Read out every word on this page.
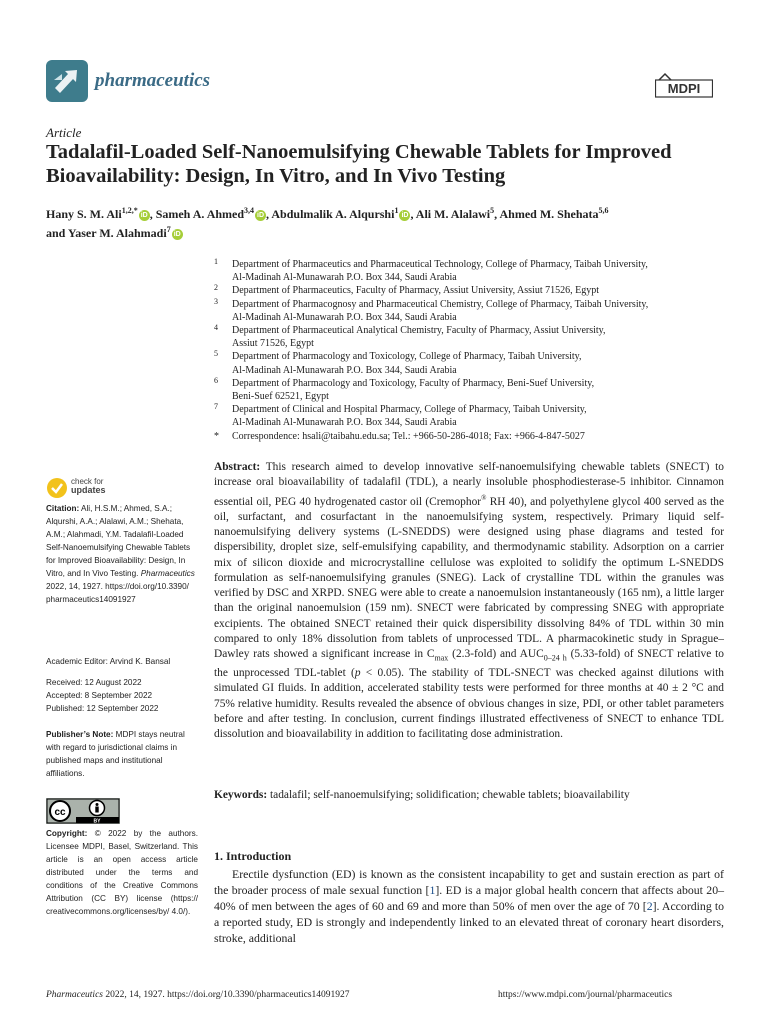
pharmaceutics	MDPI
Article
Tadalafil-Loaded Self-Nanoemulsifying Chewable Tablets for Improved Bioavailability: Design, In Vitro, and In Vivo Testing
Hany S. M. Ali$^{1,2,*}$iD , Sameh A. Ahmed$^{3,4}$iD , Abdulmalik A. Alqurshi$^1$iD , Ali M. Alalawi$^5$, Ahmed M. Shehata$^{5,6}$
and Yaser M. Alahmadi$^7$iD
1 Department of Pharmaceutics and Pharmaceutical Technology, College of Pharmacy, Taibah University,
Al-Madinah Al-Munawarah P.O. Box 344, Saudi Arabia
2 Department of Pharmaceutics, Faculty of Pharmacy, Assiut University, Assiut 71526, Egypt
3 Department of Pharmacognosy and Pharmaceutical Chemistry, College of Pharmacy, Taibah University,
Al-Madinah Al-Munawarah P.O. Box 344, Saudi Arabia
4 Department of Pharmaceutical Analytical Chemistry, Faculty of Pharmacy, Assiut University,
Assiut 71526, Egypt
5 Department of Pharmacology and Toxicology, College of Pharmacy, Taibah University,
Al-Madinah Al-Munawarah P.O. Box 344, Saudi Arabia
6 Department of Pharmacology and Toxicology, Faculty of Pharmacy, Beni-Suef University,
Beni-Suef 62521, Egypt
7 Department of Clinical and Hospital Pharmacy, College of Pharmacy, Taibah University,
Al-Madinah Al-Munawarah P.O. Box 344, Saudi Arabia
* Correspondence: hsali@taibahu.edu.sa; Tel.: +966-50-286-4018; Fax: +966-4-847-5027
check for
updates
Citation: Ali, H.S.M.; Ahmed, S.A.; Alqurshi, A.A.; Alalawi, A.M.; Shehata, A.M.; Alahmadi, Y.M. Tadalafil-Loaded Self-Nanoemulsifying Chewable Tablets for Improved Bioavailability: Design, In Vitro, and In Vivo Testing. Pharmaceutics 2022, 14, 1927. https://doi.org/10.3390/ pharmaceutics14091927
Academic Editor: Arvind K. Bansal
Received: 12 August 2022
Accepted: 8 September 2022
Published: 12 September 2022
Publisher’s Note: MDPI stays neutral with regard to jurisdictional claims in published maps and institutional affiliations.
cc
BY
Copyright: © 2022 by the authors. Licensee MDPI, Basel, Switzerland. This article is an open access article distributed under the terms and conditions of the Creative Commons Attribution (CC BY) license (https:// creativecommons.org/licenses/by/ 4.0/).
Abstract: This research aimed to develop innovative self-nanoemulsifying chewable tablets (SNECT) to increase oral bioavailability of tadalafil (TDL), a nearly insoluble phosphodiesterase-5 inhibitor. Cinnamon essential oil, PEG 40 hydrogenated castor oil (Cremophor® RH 40), and polyethylene glycol 400 served as the oil, surfactant, and cosurfactant in the nanoemulsifying system, respectively. Primary liquid self-nanoemulsifying delivery systems (L-SNEDDS) were designed using phase diagrams and tested for dispersibility, droplet size, self-emulsifying capability, and thermodynamic stability. Adsorption on a carrier mix of silicon dioxide and microcrystalline cellulose was exploited to solidify the optimum L-SNEDDS formulation as self-nanoemulsifying granules (SNEG). Lack of crystalline TDL within the granules was verified by DSC and XRPD. SNEG were able to create a nanoemulsion instantaneously (165 nm), a little larger than the original nanoemulsion (159 nm). SNECT were fabricated by compressing SNEG with appropriate excipients. The obtained SNECT retained their quick dispersibility dissolving 84% of TDL within 30 min compared to only 18% dissolution from tablets of unprocessed TDL. A pharmacokinetic study in Sprague–Dawley rats showed a significant increase in $C_{max}$ (2.3-fold) and $AUC_{0-24 h}$ (5.33-fold) of SNECT relative to the unprocessed TDL-tablet (p < 0.05). The stability of TDL-SNECT was checked against dilutions with simulated GI fluids. In addition, accelerated stability tests were performed for three months at 40 ± 2 °C and 75% relative humidity. Results revealed the absence of obvious changes in size, PDI, or other tablet parameters before and after testing. In conclusion, current findings illustrated effectiveness of SNECT to enhance TDL dissolution and bioavailability in addition to facilitating dose administration.
Keywords: tadalafil; self-nanoemulsifying; solidification; chewable tablets; bioavailability
1. Introduction
Erectile dysfunction (ED) is known as the consistent incapability to get and sustain erection as part of the broader process of male sexual function [1]. ED is a major global health concern that affects about 20–40% of men between the ages of 60 and 69 and more than 50% of men over the age of 70 [2]. According to a reported study, ED is strongly and independently linked to an elevated threat of coronary heart disorders, stroke, additional
Pharmaceutics 2022, 14, 1927. https://doi.org/10.3390/pharmaceutics14091927	https://www.mdpi.com/journal/pharmaceutics
